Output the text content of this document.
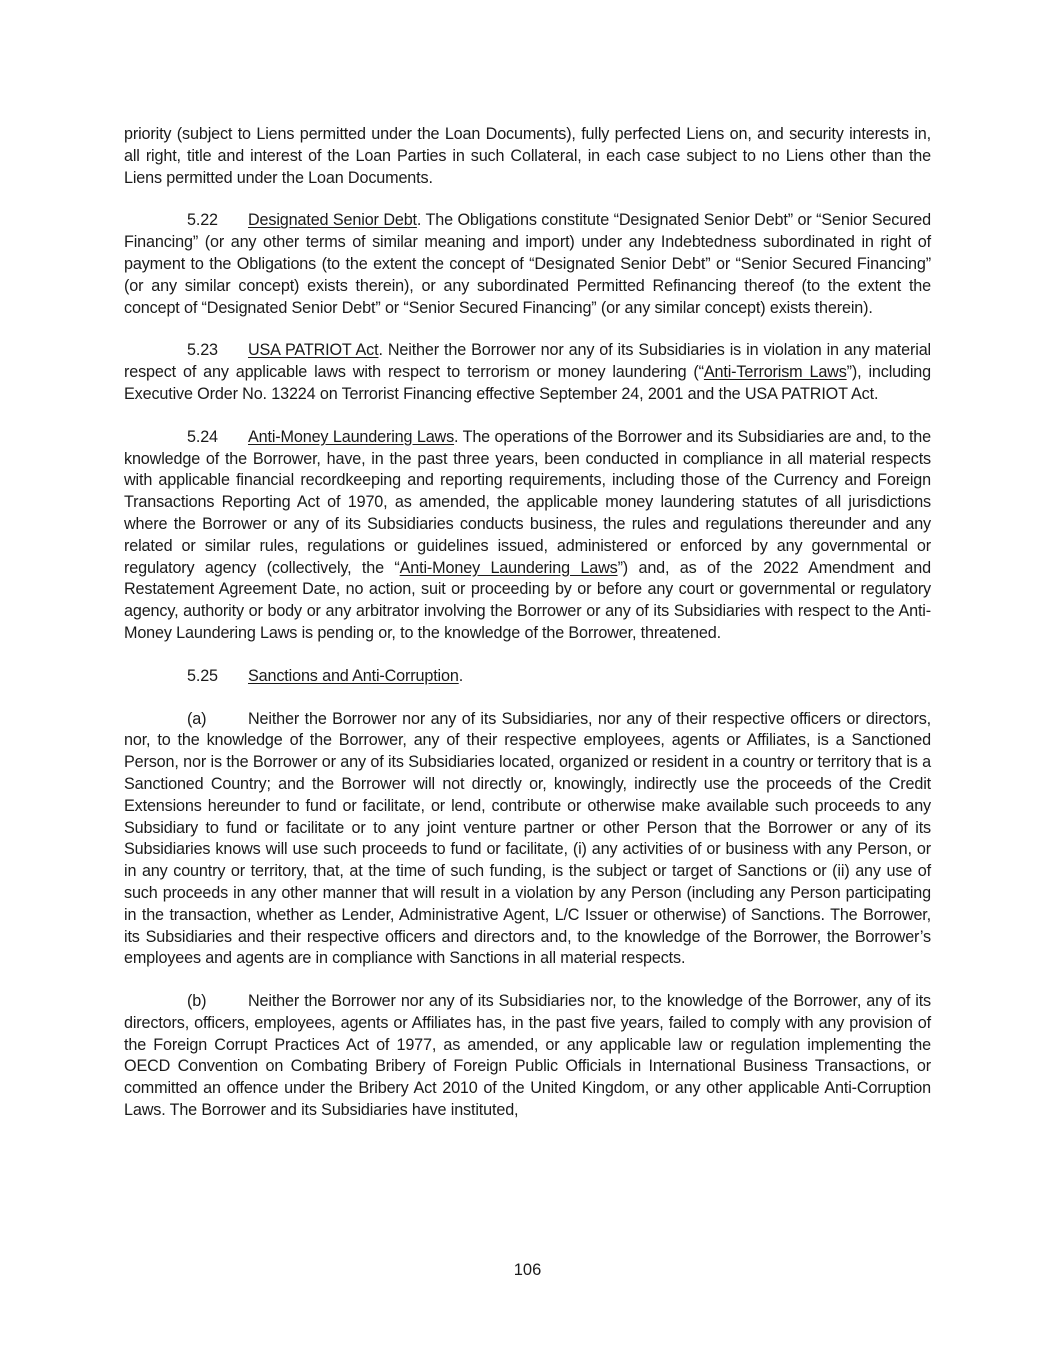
priority (subject to Liens permitted under the Loan Documents), fully perfected Liens on, and security interests in, all right, title and interest of the Loan Parties in such Collateral, in each case subject to no Liens other than the Liens permitted under the Loan Documents.

5.22 Designated Senior Debt. The Obligations constitute “Designated Senior Debt” or “Senior Secured Financing” (or any other terms of similar meaning and import) under any Indebtedness subordinated in right of payment to the Obligations (to the extent the concept of “Designated Senior Debt” or “Senior Secured Financing” (or any similar concept) exists therein), or any subordinated Permitted Refinancing thereof (to the extent the concept of “Designated Senior Debt” or “Senior Secured Financing” (or any similar concept) exists therein).

5.23 USA PATRIOT Act. Neither the Borrower nor any of its Subsidiaries is in violation in any material respect of any applicable laws with respect to terrorism or money laundering (“Anti-Terrorism Laws”), including Executive Order No. 13224 on Terrorist Financing effective September 24, 2001 and the USA PATRIOT Act.

5.24 Anti-Money Laundering Laws. The operations of the Borrower and its Subsidiaries are and, to the knowledge of the Borrower, have, in the past three years, been conducted in compliance in all material respects with applicable financial recordkeeping and reporting requirements, including those of the Currency and Foreign Transactions Reporting Act of 1970, as amended, the applicable money laundering statutes of all jurisdictions where the Borrower or any of its Subsidiaries conducts business, the rules and regulations thereunder and any related or similar rules, regulations or guidelines issued, administered or enforced by any governmental or regulatory agency (collectively, the “Anti-Money Laundering Laws”) and, as of the 2022 Amendment and Restatement Agreement Date, no action, suit or proceeding by or before any court or governmental or regulatory agency, authority or body or any arbitrator involving the Borrower or any of its Subsidiaries with respect to the Anti-Money Laundering Laws is pending or, to the knowledge of the Borrower, threatened.

5.25 Sanctions and Anti-Corruption.

(a)	Neither the Borrower nor any of its Subsidiaries, nor any of their respective officers or directors, nor, to the knowledge of the Borrower, any of their respective employees, agents or Affiliates, is a Sanctioned Person, nor is the Borrower or any of its Subsidiaries located, organized or resident in a country or territory that is a Sanctioned Country; and the Borrower will not directly or, knowingly, indirectly use the proceeds of the Credit Extensions hereunder to fund or facilitate, or lend, contribute or otherwise make available such proceeds to any Subsidiary to fund or facilitate or to any joint venture partner or other Person that the Borrower or any of its Subsidiaries knows will use such proceeds to fund or facilitate, (i) any activities of or business with any Person, or in any country or territory, that, at the time of such funding, is the subject or target of Sanctions or (ii) any use of such proceeds in any other manner that will result in a violation by any Person (including any Person participating in the transaction, whether as Lender, Administrative Agent, L/C Issuer or otherwise) of Sanctions. The Borrower, its Subsidiaries and their respective officers and directors and, to the knowledge of the Borrower, the Borrower’s employees and agents are in compliance with Sanctions in all material respects.

(b)	Neither the Borrower nor any of its Subsidiaries nor, to the knowledge of the Borrower, any of its directors, officers, employees, agents or Affiliates has, in the past five years, failed to comply with any provision of the Foreign Corrupt Practices Act of 1977, as amended, or any applicable law or regulation implementing the OECD Convention on Combating Bribery of Foreign Public Officials in International Business Transactions, or committed an offence under the Bribery Act 2010 of the United Kingdom, or any other applicable Anti-Corruption Laws. The Borrower and its Subsidiaries have instituted,

106
